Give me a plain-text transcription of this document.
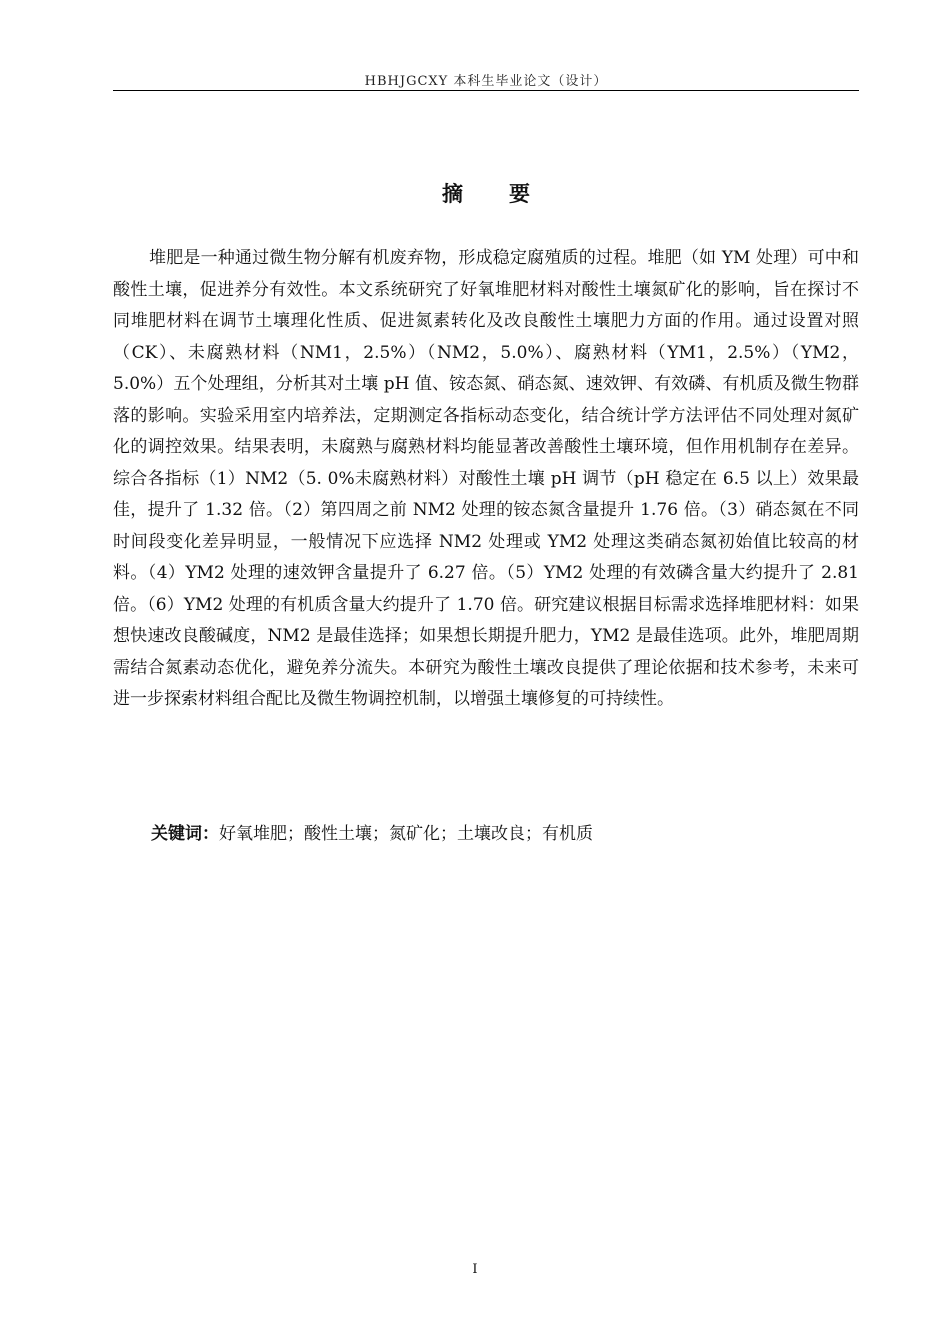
HBHJGCXY 本科生毕业论文（设计）
摘要

堆肥是一种通过微生物分解有机废弃物，形成稳定腐殖质的过程。堆肥（如 YM 处理）可中和酸性土壤，促进养分有效性。本文系统研究了好氧堆肥材料对酸性土壤氮矿化的影响，旨在探讨不同堆肥材料在调节土壤理化性质、促进氮素转化及改良酸性土壤肥力方面的作用。通过设置对照（CK）、未腐熟材料（NM1，2.5%）（NM2，5.0%）、腐熟材料（YM1，2.5%）（YM2，5.0%）五个处理组，分析其对土壤 pH 值、铵态氮、硝态氮、速效钾、有效磷、有机质及微生物群落的影响。实验采用室内培养法，定期测定各指标动态变化，结合统计学方法评估不同处理对氮矿化的调控效果。结果表明，未腐熟与腐熟材料均能显著改善酸性土壤环境，但作用机制存在差异。综合各指标（1）NM2（5. 0%未腐熟材料）对酸性土壤 pH 调节（pH 稳定在 6.5 以上）效果最佳，提升了 1.32 倍。（2）第四周之前 NM2 处理的铵态氮含量提升 1.76 倍。（3）硝态氮在不同时间段变化差异明显，一般情况下应选择 NM2 处理或 YM2 处理这类硝态氮初始值比较高的材料。（4）YM2 处理的速效钾含量提升了 6.27 倍。（5）YM2 处理的有效磷含量大约提升了 2.81 倍。（6）YM2 处理的有机质含量大约提升了 1.70 倍。研究建议根据目标需求选择堆肥材料：如果想快速改良酸碱度，NM2 是最佳选择；如果想长期提升肥力，YM2 是最佳选项。此外，堆肥周期需结合氮素动态优化，避免养分流失。本研究为酸性土壤改良提供了理论依据和技术参考，未来可进一步探索材料组合配比及微生物调控机制，以增强土壤修复的可持续性。

关键词：好氧堆肥；酸性土壤；氮矿化；土壤改良；有机质
I
